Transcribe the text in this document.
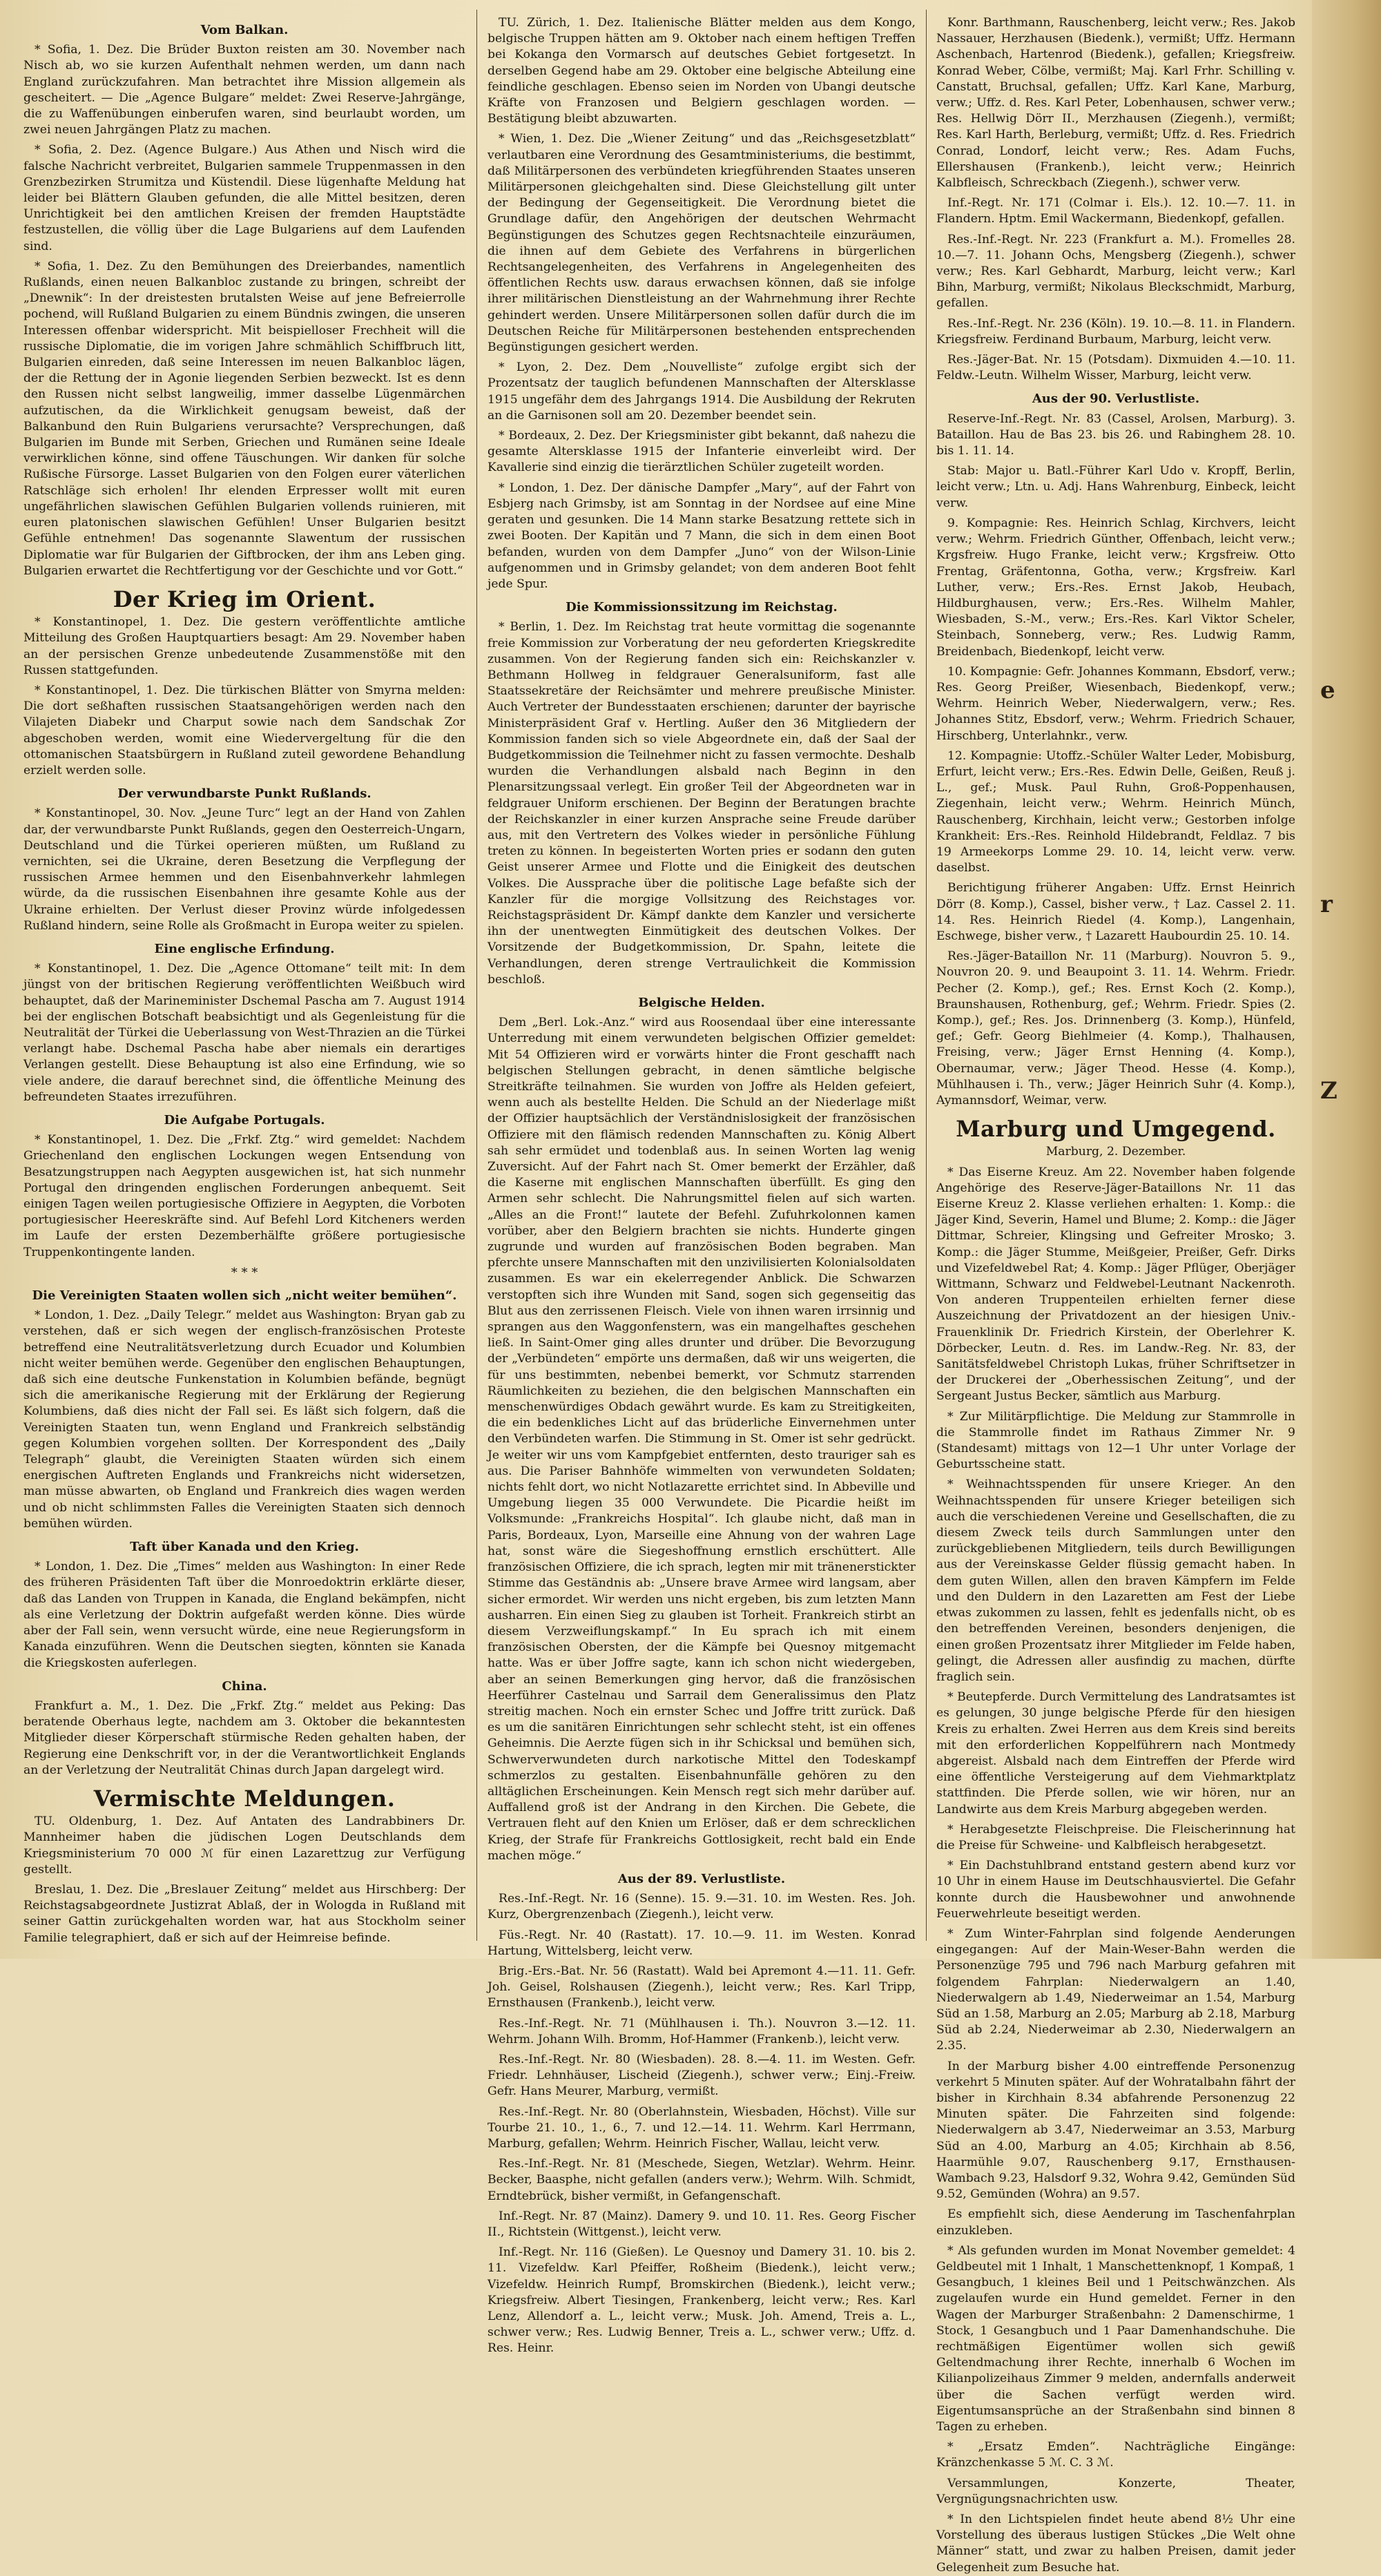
Vom Balkan.

* Sofia, 1. Dez. Die Brüder Buxton reisten am 30. November nach Nisch ab, wo sie kurzen Aufenthalt nehmen werden, um dann nach England zurückzufahren. Man betrachtet ihre Mission allgemein als gescheitert. — Die „Agence Bulgare“ meldet: Zwei Reserve-Jahrgänge, die zu Waffenübungen einberufen waren, sind beurlaubt worden, um zwei neuen Jahrgängen Platz zu machen.

* Sofia, 2. Dez. (Agence Bulgare.) Aus Athen und Nisch wird die falsche Nachricht verbreitet, Bulgarien sammele Truppenmassen in den Grenzbezirken Strumitza und Küstendil. Diese lügenhafte Meldung hat leider bei Blättern Glauben gefunden, die alle Mittel besitzen, deren Unrichtigkeit bei den amtlichen Kreisen der fremden Hauptstädte festzustellen, die völlig über die Lage Bulgariens auf dem Laufenden sind.

* Sofia, 1. Dez. Zu den Bemühungen des Dreierbandes, namentlich Rußlands, einen neuen Balkanbloc zustande zu bringen, schreibt der „Dnewnik“: In der dreistesten brutalsten Weise auf jene Befreierrolle pochend, will Rußland Bulgarien zu einem Bündnis zwingen, die unseren Interessen offenbar widerspricht. Mit beispielloser Frechheit will die russische Diplomatie, die im vorigen Jahre schmählich Schiffbruch litt, Bulgarien einreden, daß seine Interessen im neuen Balkanbloc lägen, der die Rettung der in Agonie liegenden Serbien bezweckt. Ist es denn den Russen nicht selbst langweilig, immer dasselbe Lügenmärchen aufzutischen, da die Wirklichkeit genugsam beweist, daß der Balkanbund den Ruin Bulgariens verursachte? Versprechungen, daß Bulgarien im Bunde mit Serben, Griechen und Rumänen seine Ideale verwirklichen könne, sind offene Täuschungen. Wir danken für solche Rußische Fürsorge. Lasset Bulgarien von den Folgen eurer väterlichen Ratschläge sich erholen! Ihr elenden Erpresser wollt mit euren ungefährlichen slawischen Gefühlen Bulgarien vollends ruinieren, mit euren platonischen slawischen Gefühlen! Unser Bulgarien besitzt Gefühle entnehmen! Das sogenannte Slawentum der russischen Diplomatie war für Bulgarien der Giftbrocken, der ihm ans Leben ging. Bulgarien erwartet die Rechtfertigung vor der Geschichte und vor Gott.“

Der Krieg im Orient.

* Konstantinopel, 1. Dez. Die gestern veröffentlichte amtliche Mitteilung des Großen Hauptquartiers besagt: Am 29. November haben an der persischen Grenze unbedeutende Zusammenstöße mit den Russen stattgefunden.

* Konstantinopel, 1. Dez. Die türkischen Blätter von Smyrna melden: Die dort seßhaften russischen Staatsangehörigen werden nach den Vilajeten Diabekr und Charput sowie nach dem Sandschak Zor abgeschoben werden, womit eine Wiedervergeltung für die den ottomanischen Staatsbürgern in Rußland zuteil gewordene Behandlung erzielt werden solle.

Der verwundbarste Punkt Rußlands.

* Konstantinopel, 30. Nov. „Jeune Turc“ legt an der Hand von Zahlen dar, der verwundbarste Punkt Rußlands, gegen den Oesterreich-Ungarn, Deutschland und die Türkei operieren müßten, um Rußland zu vernichten, sei die Ukraine, deren Besetzung die Verpflegung der russischen Armee hemmen und den Eisenbahnverkehr lahmlegen würde, da die russischen Eisenbahnen ihre gesamte Kohle aus der Ukraine erhielten. Der Verlust dieser Provinz würde infolgedessen Rußland hindern, seine Rolle als Großmacht in Europa weiter zu spielen.

Eine englische Erfindung.

* Konstantinopel, 1. Dez. Die „Agence Ottomane“ teilt mit: In dem jüngst von der britischen Regierung veröffentlichten Weißbuch wird behauptet, daß der Marineminister Dschemal Pascha am 7. August 1914 bei der englischen Botschaft beabsichtigt und als Gegenleistung für die Neutralität der Türkei die Ueberlassung von West-Thrazien an die Türkei verlangt habe. Dschemal Pascha habe aber niemals ein derartiges Verlangen gestellt. Diese Behauptung ist also eine Erfindung, wie so viele andere, die darauf berechnet sind, die öffentliche Meinung des befreundeten Staates irrezuführen.

Die Aufgabe Portugals.

* Konstantinopel, 1. Dez. Die „Frkf. Ztg.“ wird gemeldet: Nachdem Griechenland den englischen Lockungen wegen Entsendung von Besatzungstruppen nach Aegypten ausgewichen ist, hat sich nunmehr Portugal den dringenden englischen Forderungen anbequemt. Seit einigen Tagen weilen portugiesische Offiziere in Aegypten, die Vorboten portugiesischer Heereskräfte sind. Auf Befehl Lord Kitcheners werden im Laufe der ersten Dezemberhälfte größere portugiesische Truppenkontingente landen.

* * *
Die Vereinigten Staaten wollen sich „nicht weiter bemühen“.

* London, 1. Dez. „Daily Telegr.“ meldet aus Washington: Bryan gab zu verstehen, daß er sich wegen der englisch-französischen Proteste betreffend eine Neutralitätsverletzung durch Ecuador und Kolumbien nicht weiter bemühen werde. Gegenüber den englischen Behauptungen, daß sich eine deutsche Funkenstation in Kolumbien befände, begnügt sich die amerikanische Regierung mit der Erklärung der Regierung Kolumbiens, daß dies nicht der Fall sei. Es läßt sich folgern, daß die Vereinigten Staaten tun, wenn England und Frankreich selbständig gegen Kolumbien vorgehen sollten. Der Korrespondent des „Daily Telegraph“ glaubt, die Vereinigten Staaten würden sich einem energischen Auftreten Englands und Frankreichs nicht widersetzen, man müsse abwarten, ob England und Frankreich dies wagen werden und ob nicht schlimmsten Falles die Vereinigten Staaten sich dennoch bemühen würden.

Taft über Kanada und den Krieg.

* London, 1. Dez. Die „Times“ melden aus Washington: In einer Rede des früheren Präsidenten Taft über die Monroedoktrin erklärte dieser, daß das Landen von Truppen in Kanada, die England bekämpfen, nicht als eine Verletzung der Doktrin aufgefaßt werden könne. Dies würde aber der Fall sein, wenn versucht würde, eine neue Regierungsform in Kanada einzuführen. Wenn die Deutschen siegten, könnten sie Kanada die Kriegskosten auferlegen.

China.

Frankfurt a. M., 1. Dez. Die „Frkf. Ztg.“ meldet aus Peking: Das beratende Oberhaus legte, nachdem am 3. Oktober die bekanntesten Mitglieder dieser Körperschaft stürmische Reden gehalten haben, der Regierung eine Denkschrift vor, in der die Verantwortlichkeit Englands an der Verletzung der Neutralität Chinas durch Japan dargelegt wird.

Vermischte Meldungen.

TU. Oldenburg, 1. Dez. Auf Antaten des Landrabbiners Dr. Mannheimer haben die jüdischen Logen Deutschlands dem Kriegsministerium 70 000 ℳ für einen Lazarettzug zur Verfügung gestellt.

Breslau, 1. Dez. Die „Breslauer Zeitung“ meldet aus Hirschberg: Der Reichstagsabgeordnete Justizrat Ablaß, der in Wologda in Rußland mit seiner Gattin zurückgehalten worden war, hat aus Stockholm seiner Familie telegraphiert, daß er sich auf der Heimreise befinde.

TU. Zürich, 1. Dez. Italienische Blätter melden aus dem Kongo, belgische Truppen hätten am 9. Oktober nach einem heftigen Treffen bei Kokanga den Vormarsch auf deutsches Gebiet fortgesetzt. In derselben Gegend habe am 29. Oktober eine belgische Abteilung eine feindliche geschlagen. Ebenso seien im Norden von Ubangi deutsche Kräfte von Franzosen und Belgiern geschlagen worden. — Bestätigung bleibt abzuwarten.

* Wien, 1. Dez. Die „Wiener Zeitung“ und das „Reichsgesetzblatt“ verlautbaren eine Verordnung des Gesamtministeriums, die bestimmt, daß Militärpersonen des verbündeten kriegführenden Staates unseren Militärpersonen gleichgehalten sind. Diese Gleichstellung gilt unter der Bedingung der Gegenseitigkeit. Die Verordnung bietet die Grundlage dafür, den Angehörigen der deutschen Wehrmacht Begünstigungen des Schutzes gegen Rechtsnachteile einzuräumen, die ihnen auf dem Gebiete des Verfahrens in bürgerlichen Rechtsangelegenheiten, des Verfahrens in Angelegenheiten des öffentlichen Rechts usw. daraus erwachsen können, daß sie infolge ihrer militärischen Dienstleistung an der Wahrnehmung ihrer Rechte gehindert werden. Unsere Militärpersonen sollen dafür durch die im Deutschen Reiche für Militärpersonen bestehenden entsprechenden Begünstigungen gesichert werden.

* Lyon, 2. Dez. Dem „Nouvelliste“ zufolge ergibt sich der Prozentsatz der tauglich befundenen Mannschaften der Altersklasse 1915 ungefähr dem des Jahrgangs 1914. Die Ausbildung der Rekruten an die Garnisonen soll am 20. Dezember beendet sein.

* Bordeaux, 2. Dez. Der Kriegsminister gibt bekannt, daß nahezu die gesamte Altersklasse 1915 der Infanterie einverleibt wird. Der Kavallerie sind einzig die tierärztlichen Schüler zugeteilt worden.

* London, 1. Dez. Der dänische Dampfer „Mary“, auf der Fahrt von Esbjerg nach Grimsby, ist am Sonntag in der Nordsee auf eine Mine geraten und gesunken. Die 14 Mann starke Besatzung rettete sich in zwei Booten. Der Kapitän und 7 Mann, die sich in dem einen Boot befanden, wurden von dem Dampfer „Juno“ von der Wilson-Linie aufgenommen und in Grimsby gelandet; von dem anderen Boot fehlt jede Spur.

Die Kommissionssitzung im Reichstag.

* Berlin, 1. Dez. Im Reichstag trat heute vormittag die sogenannte freie Kommission zur Vorberatung der neu geforderten Kriegskredite zusammen. Von der Regierung fanden sich ein: Reichskanzler v. Bethmann Hollweg in feldgrauer Generalsuniform, fast alle Staatssekretäre der Reichsämter und mehrere preußische Minister. Auch Vertreter der Bundesstaaten erschienen; darunter der bayrische Ministerpräsident Graf v. Hertling. Außer den 36 Mitgliedern der Kommission fanden sich so viele Abgeordnete ein, daß der Saal der Budgetkommission die Teilnehmer nicht zu fassen vermochte. Deshalb wurden die Verhandlungen alsbald nach Beginn in den Plenarsitzungssaal verlegt. Ein großer Teil der Abgeordneten war in feldgrauer Uniform erschienen. Der Beginn der Beratungen brachte der Reichskanzler in einer kurzen Ansprache seine Freude darüber aus, mit den Vertretern des Volkes wieder in persönliche Fühlung treten zu können. In begeisterten Worten pries er sodann den guten Geist unserer Armee und Flotte und die Einigkeit des deutschen Volkes. Die Aussprache über die politische Lage befaßte sich der Kanzler für die morgige Vollsitzung des Reichstages vor. Reichstagspräsident Dr. Kämpf dankte dem Kanzler und versicherte ihn der unentwegten Einmütigkeit des deutschen Volkes. Der Vorsitzende der Budgetkommission, Dr. Spahn, leitete die Verhandlungen, deren strenge Vertraulichkeit die Kommission beschloß.

Belgische Helden.

Dem „Berl. Lok.-Anz.“ wird aus Roosendaal über eine interessante Unterredung mit einem verwundeten belgischen Offizier gemeldet: Mit 54 Offizieren wird er vorwärts hinter die Front geschafft nach belgischen Stellungen gebracht, in denen sämtliche belgische Streitkräfte teilnahmen. Sie wurden von Joffre als Helden gefeiert, wenn auch als bestellte Helden. Die Schuld an der Niederlage mißt der Offizier hauptsächlich der Verständnislosigkeit der französischen Offiziere mit den flämisch redenden Mannschaften zu. König Albert sah sehr ermüdet und todenblaß aus. In seinen Worten lag wenig Zuversicht. Auf der Fahrt nach St. Omer bemerkt der Erzähler, daß die Kaserne mit englischen Mannschaften überfüllt. Es ging den Armen sehr schlecht. Die Nahrungsmittel fielen auf sich warten. „Alles an die Front!“ lautete der Befehl. Zufuhrkolonnen kamen vorüber, aber den Belgiern brachten sie nichts. Hunderte gingen zugrunde und wurden auf französischen Boden begraben. Man pferchte unsere Mannschaften mit den unzivilisierten Kolonialsoldaten zusammen. Es war ein ekelerregender Anblick. Die Schwarzen verstopften sich ihre Wunden mit Sand, sogen sich gegenseitig das Blut aus den zerrissenen Fleisch. Viele von ihnen waren irrsinnig und sprangen aus den Waggonfenstern, was ein mangelhaftes geschehen ließ. In Saint-Omer ging alles drunter und drüber. Die Bevorzugung der „Verbündeten“ empörte uns dermaßen, daß wir uns weigerten, die für uns bestimmten, nebenbei bemerkt, vor Schmutz starrenden Räumlichkeiten zu beziehen, die den belgischen Mannschaften ein menschenwürdiges Obdach gewährt wurde. Es kam zu Streitigkeiten, die ein bedenkliches Licht auf das brüderliche Einvernehmen unter den Verbündeten warfen. Die Stimmung in St. Omer ist sehr gedrückt. Je weiter wir uns vom Kampfgebiet entfernten, desto trauriger sah es aus. Die Pariser Bahnhöfe wimmelten von verwundeten Soldaten; nichts fehlt dort, wo nicht Notlazarette errichtet sind. In Abbeville und Umgebung liegen 35 000 Verwundete. Die Picardie heißt im Volksmunde: „Frankreichs Hospital“. Ich glaube nicht, daß man in Paris, Bordeaux, Lyon, Marseille eine Ahnung von der wahren Lage hat, sonst wäre die Siegeshoffnung ernstlich erschüttert. Alle französischen Offiziere, die ich sprach, legten mir mit tränenerstickter Stimme das Geständnis ab: „Unsere brave Armee wird langsam, aber sicher ermordet. Wir werden uns nicht ergeben, bis zum letzten Mann ausharren. Ein einen Sieg zu glauben ist Torheit. Frankreich stirbt an diesem Verzweiflungskampf.“ In Eu sprach ich mit einem französischen Obersten, der die Kämpfe bei Quesnoy mitgemacht hatte. Was er über Joffre sagte, kann ich schon nicht wiedergeben, aber an seinen Bemerkungen ging hervor, daß die französischen Heerführer Castelnau und Sarrail dem Generalissimus den Platz streitig machen. Noch ein ernster Schec und Joffre tritt zurück. Daß es um die sanitären Einrichtungen sehr schlecht steht, ist ein offenes Geheimnis. Die Aerzte fügen sich in ihr Schicksal und bemühen sich, Schwerverwundeten durch narkotische Mittel den Todeskampf schmerzlos zu gestalten. Eisenbahnunfälle gehören zu den alltäglichen Erscheinungen. Kein Mensch regt sich mehr darüber auf. Auffallend groß ist der Andrang in den Kirchen. Die Gebete, die Vertrauen fleht auf den Knien um Erlöser, daß er dem schrecklichen Krieg, der Strafe für Frankreichs Gottlosigkeit, recht bald ein Ende machen möge.“

Aus der 89. Verlustliste.

Res.-Inf.-Regt. Nr. 16 (Senne). 15. 9.—31. 10. im Westen. Res. Joh. Kurz, Obergrenzenbach (Ziegenh.), leicht verw.

Füs.-Regt. Nr. 40 (Rastatt). 17. 10.—9. 11. im Westen. Konrad Hartung, Wittelsberg, leicht verw.

Brig.-Ers.-Bat. Nr. 56 (Rastatt). Wald bei Apremont 4.—11. 11. Gefr. Joh. Geisel, Rolshausen (Ziegenh.), leicht verw.; Res. Karl Tripp, Ernsthausen (Frankenb.), leicht verw.

Res.-Inf.-Regt. Nr. 71 (Mühlhausen i. Th.). Nouvron 3.—12. 11. Wehrm. Johann Wilh. Bromm, Hof-Hammer (Frankenb.), leicht verw.

Res.-Inf.-Regt. Nr. 80 (Wiesbaden). 28. 8.—4. 11. im Westen. Gefr. Friedr. Lehnhäuser, Lischeid (Ziegenh.), schwer verw.; Einj.-Freiw. Gefr. Hans Meurer, Marburg, vermißt.

Res.-Inf.-Regt. Nr. 80 (Oberlahnstein, Wiesbaden, Höchst). Ville sur Tourbe 21. 10., 1., 6., 7. und 12.—14. 11. Wehrm. Karl Herrmann, Marburg, gefallen; Wehrm. Heinrich Fischer, Wallau, leicht verw.

Res.-Inf.-Regt. Nr. 81 (Meschede, Siegen, Wetzlar). Wehrm. Heinr. Becker, Baasphe, nicht gefallen (anders verw.); Wehrm. Wilh. Schmidt, Erndtebrück, bisher vermißt, in Gefangenschaft.

Inf.-Regt. Nr. 87 (Mainz). Damery 9. und 10. 11. Res. Georg Fischer II., Richtstein (Wittgenst.), leicht verw.

Inf.-Regt. Nr. 116 (Gießen). Le Quesnoy und Damery 31. 10. bis 2. 11. Vizefeldw. Karl Pfeiffer, Roßheim (Biedenk.), leicht verw.; Vizefeldw. Heinrich Rumpf, Bromskirchen (Biedenk.), leicht verw.; Kriegsfreiw. Albert Tiesingen, Frankenberg, leicht verw.; Res. Karl Lenz, Allendorf a. L., leicht verw.; Musk. Joh. Amend, Treis a. L., schwer verw.; Res. Ludwig Benner, Treis a. L., schwer verw.; Uffz. d. Res. Heinr.

Konr. Barthmann, Rauschenberg, leicht verw.; Res. Jakob Nassauer, Herzhausen (Biedenk.), vermißt; Uffz. Hermann Aschenbach, Hartenrod (Biedenk.), gefallen; Kriegsfreiw. Konrad Weber, Cölbe, vermißt; Maj. Karl Frhr. Schilling v. Canstatt, Bruchsal, gefallen; Uffz. Karl Kane, Marburg, verw.; Uffz. d. Res. Karl Peter, Lobenhausen, schwer verw.; Res. Hellwig Dörr II., Merzhausen (Ziegenh.), vermißt; Res. Karl Harth, Berleburg, vermißt; Uffz. d. Res. Friedrich Conrad, Londorf, leicht verw.; Res. Adam Fuchs, Ellershausen (Frankenb.), leicht verw.; Heinrich Kalbfleisch, Schreckbach (Ziegenh.), schwer verw.

Inf.-Regt. Nr. 171 (Colmar i. Els.). 12. 10.—7. 11. in Flandern. Hptm. Emil Wackermann, Biedenkopf, gefallen.

Res.-Inf.-Regt. Nr. 223 (Frankfurt a. M.). Fromelles 28. 10.—7. 11. Johann Ochs, Mengsberg (Ziegenh.), schwer verw.; Res. Karl Gebhardt, Marburg, leicht verw.; Karl Bihn, Marburg, vermißt; Nikolaus Bleckschmidt, Marburg, gefallen.

Res.-Inf.-Regt. Nr. 236 (Köln). 19. 10.—8. 11. in Flandern. Kriegsfreiw. Ferdinand Burbaum, Marburg, leicht verw.

Res.-Jäger-Bat. Nr. 15 (Potsdam). Dixmuiden 4.—10. 11. Feldw.-Leutn. Wilhelm Wisser, Marburg, leicht verw.

Aus der 90. Verlustliste.

Reserve-Inf.-Regt. Nr. 83 (Cassel, Arolsen, Marburg). 3. Bataillon. Hau de Bas 23. bis 26. und Rabinghem 28. 10. bis 1. 11. 14.

Stab: Major u. Batl.-Führer Karl Udo v. Kropff, Berlin, leicht verw.; Ltn. u. Adj. Hans Wahrenburg, Einbeck, leicht verw.

9. Kompagnie: Res. Heinrich Schlag, Kirchvers, leicht verw.; Wehrm. Friedrich Günther, Offenbach, leicht verw.; Krgsfreiw. Hugo Franke, leicht verw.; Krgsfreiw. Otto Frentag, Gräfentonna, Gotha, verw.; Krgsfreiw. Karl Luther, verw.; Ers.-Res. Ernst Jakob, Heubach, Hildburghausen, verw.; Ers.-Res. Wilhelm Mahler, Wiesbaden, S.-M., verw.; Ers.-Res. Karl Viktor Scheler, Steinbach, Sonneberg, verw.; Res. Ludwig Ramm, Breidenbach, Biedenkopf, leicht verw.

10. Kompagnie: Gefr. Johannes Kommann, Ebsdorf, verw.; Res. Georg Preißer, Wiesenbach, Biedenkopf, verw.; Wehrm. Heinrich Weber, Niederwalgern, verw.; Res. Johannes Stitz, Ebsdorf, verw.; Wehrm. Friedrich Schauer, Hirschberg, Unterlahnkr., verw.

12. Kompagnie: Utoffz.-Schüler Walter Leder, Mobisburg, Erfurt, leicht verw.; Ers.-Res. Edwin Delle, Geißen, Reuß j. L., gef.; Musk. Paul Ruhn, Groß-Poppenhausen, Ziegenhain, leicht verw.; Wehrm. Heinrich Münch, Rauschenberg, Kirchhain, leicht verw.; Gestorben infolge Krankheit: Ers.-Res. Reinhold Hildebrandt, Feldlaz. 7 bis 19 Armeekorps Lomme 29. 10. 14, leicht verw. verw. daselbst.

Berichtigung früherer Angaben: Uffz. Ernst Heinrich Dörr (8. Komp.), Cassel, bisher verw., † Laz. Cassel 2. 11. 14. Res. Heinrich Riedel (4. Komp.), Langenhain, Eschwege, bisher verw., † Lazarett Haubourdin 25. 10. 14.

Res.-Jäger-Bataillon Nr. 11 (Marburg). Nouvron 5. 9., Nouvron 20. 9. und Beaupoint 3. 11. 14. Wehrm. Friedr. Pecher (2. Komp.), gef.; Res. Ernst Koch (2. Komp.), Braunshausen, Rothenburg, gef.; Wehrm. Friedr. Spies (2. Komp.), gef.; Res. Jos. Drinnenberg (3. Komp.), Hünfeld, gef.; Gefr. Georg Biehlmeier (4. Komp.), Thalhausen, Freising, verw.; Jäger Ernst Henning (4. Komp.), Obernaumar, verw.; Jäger Theod. Hesse (4. Komp.), Mühlhausen i. Th., verw.; Jäger Heinrich Suhr (4. Komp.), Aymannsdorf, Weimar, verw.

Marburg und Umgegend.
Marburg, 2. Dezember.

* Das Eiserne Kreuz. Am 22. November haben folgende Angehörige des Reserve-Jäger-Bataillons Nr. 11 das Eiserne Kreuz 2. Klasse verliehen erhalten: 1. Komp.: die Jäger Kind, Severin, Hamel und Blume; 2. Komp.: die Jäger Dittmar, Schreier, Klingsing und Gefreiter Mrosko; 3. Komp.: die Jäger Stumme, Meißgeier, Preißer, Gefr. Dirks und Vizefeldwebel Rat; 4. Komp.: Jäger Pflüger, Oberjäger Wittmann, Schwarz und Feldwebel-Leutnant Nackenroth. Von anderen Truppenteilen erhielten ferner diese Auszeichnung der Privatdozent an der hiesigen Univ.-Frauenklinik Dr. Friedrich Kirstein, der Oberlehrer K. Dörbecker, Leutn. d. Res. im Landw.-Reg. Nr. 83, der Sanitätsfeldwebel Christoph Lukas, früher Schriftsetzer in der Druckerei der „Oberhessischen Zeitung“, und der Sergeant Justus Becker, sämtlich aus Marburg.

* Zur Militärpflichtige. Die Meldung zur Stammrolle in die Stammrolle findet im Rathaus Zimmer Nr. 9 (Standesamt) mittags von 12—1 Uhr unter Vorlage der Geburtsscheine statt.

* Weihnachtsspenden für unsere Krieger. An den Weihnachtsspenden für unsere Krieger beteiligen sich auch die verschiedenen Vereine und Gesellschaften, die zu diesem Zweck teils durch Sammlungen unter den zurückgebliebenen Mitgliedern, teils durch Bewilligungen aus der Vereinskasse Gelder flüssig gemacht haben. In dem guten Willen, allen den braven Kämpfern im Felde und den Duldern in den Lazaretten am Fest der Liebe etwas zukommen zu lassen, fehlt es jedenfalls nicht, ob es den betreffenden Vereinen, besonders denjenigen, die einen großen Prozentsatz ihrer Mitglieder im Felde haben, gelingt, die Adressen aller ausfindig zu machen, dürfte fraglich sein.

* Beutepferde. Durch Vermittelung des Landratsamtes ist es gelungen, 30 junge belgische Pferde für den hiesigen Kreis zu erhalten. Zwei Herren aus dem Kreis sind bereits mit den erforderlichen Koppelführern nach Montmedy abgereist. Alsbald nach dem Eintreffen der Pferde wird eine öffentliche Versteigerung auf dem Viehmarktplatz stattfinden. Die Pferde sollen, wie wir hören, nur an Landwirte aus dem Kreis Marburg abgegeben werden.

* Herabgesetzte Fleischpreise. Die Fleischerinnung hat die Preise für Schweine- und Kalbfleisch herabgesetzt.

* Ein Dachstuhlbrand entstand gestern abend kurz vor 10 Uhr in einem Hause im Deutschhausviertel. Die Gefahr konnte durch die Hausbewohner und anwohnende Feuerwehrleute beseitigt werden.

* Zum Winter-Fahrplan sind folgende Aenderungen eingegangen: Auf der Main-Weser-Bahn werden die Personenzüge 795 und 796 nach Marburg gefahren mit folgendem Fahrplan: Niederwalgern an 1.40, Niederwalgern ab 1.49, Niederweimar an 1.54, Marburg Süd an 1.58, Marburg an 2.05; Marburg ab 2.18, Marburg Süd ab 2.24, Niederweimar ab 2.30, Niederwalgern an 2.35.

In der Marburg bisher 4.00 eintreffende Personenzug verkehrt 5 Minuten später. Auf der Wohratalbahn fährt der bisher in Kirchhain 8.34 abfahrende Personenzug 22 Minuten später. Die Fahrzeiten sind folgende: Niederwalgern ab 3.47, Niederweimar an 3.53, Marburg Süd an 4.00, Marburg an 4.05; Kirchhain ab 8.56, Haarmühle 9.07, Rauschenberg 9.17, Ernsthausen-Wambach 9.23, Halsdorf 9.32, Wohra 9.42, Gemünden Süd 9.52, Gemünden (Wohra) an 9.57.

Es empfiehlt sich, diese Aenderung im Taschenfahrplan einzukleben.

* Als gefunden wurden im Monat November gemeldet: 4 Geldbeutel mit 1 Inhalt, 1 Manschettenknopf, 1 Kompaß, 1 Gesangbuch, 1 kleines Beil und 1 Peitschwänzchen. Als zugelaufen wurde ein Hund gemeldet. Ferner in den Wagen der Marburger Straßenbahn: 2 Damenschirme, 1 Stock, 1 Gesangbuch und 1 Paar Damenhandschuhe. Die rechtmäßigen Eigentümer wollen sich gewiß Geltendmachung ihrer Rechte, innerhalb 6 Wochen im Kilianpolizeihaus Zimmer 9 melden, andernfalls anderweit über die Sachen verfügt werden wird. Eigentumsansprüche an der Straßenbahn sind binnen 8 Tagen zu erheben.

* „Ersatz Emden“. Nachträgliche Eingänge: Kränzchenkasse 5 ℳ. C. 3 ℳ.

Versammlungen, Konzerte, Theater, Vergnügungsnachrichten usw.

* In den Lichtspielen findet heute abend 8½ Uhr eine Vorstellung des überaus lustigen Stückes „Die Welt ohne Männer“ statt, und zwar zu halben Preisen, damit jeder Gelegenheit zum Besuche hat.

e
r
Z
